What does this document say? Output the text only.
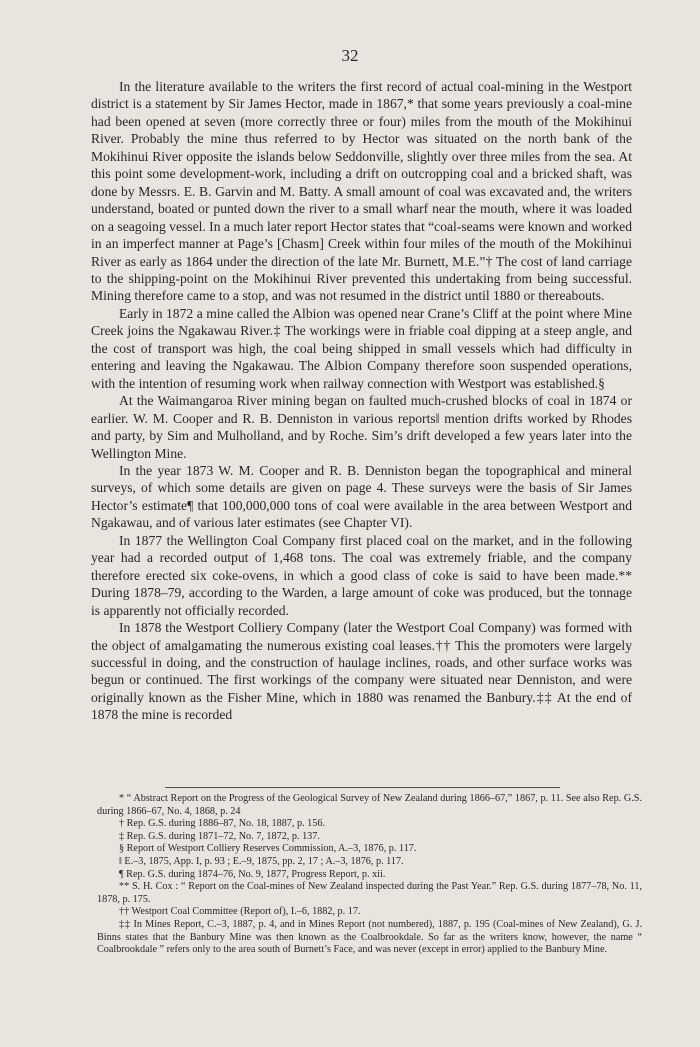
32

In the literature available to the writers the first record of actual coal-mining in the Westport district is a statement by Sir James Hector, made in 1867,* that some years previously a coal-mine had been opened at seven (more correctly three or four) miles from the mouth of the Mokihinui River. Probably the mine thus referred to by Hector was situated on the north bank of the Mokihinui River opposite the islands below Seddonville, slightly over three miles from the sea. At this point some development-work, including a drift on outcropping coal and a bricked shaft, was done by Messrs. E. B. Garvin and M. Batty. A small amount of coal was excavated and, the writers understand, boated or punted down the river to a small wharf near the mouth, where it was loaded on a seagoing vessel. In a much later report Hector states that “coal-seams were known and worked in an imperfect manner at Page’s [Chasm] Creek within four miles of the mouth of the Mokihinui River as early as 1864 under the direction of the late Mr. Burnett, M.E.”† The cost of land carriage to the shipping-point on the Mokihinui River prevented this undertaking from being successful. Mining therefore came to a stop, and was not resumed in the district until 1880 or thereabouts.

Early in 1872 a mine called the Albion was opened near Crane’s Cliff at the point where Mine Creek joins the Ngakawau River.‡ The workings were in friable coal dipping at a steep angle, and the cost of transport was high, the coal being shipped in small vessels which had difficulty in entering and leaving the Ngakawau. The Albion Company therefore soon suspended operations, with the intention of resuming work when railway connection with Westport was established.§

At the Waimangaroa River mining began on faulted much-crushed blocks of coal in 1874 or earlier. W. M. Cooper and R. B. Denniston in various reports‖ mention drifts worked by Rhodes and party, by Sim and Mulholland, and by Roche. Sim’s drift developed a few years later into the Wellington Mine.

In the year 1873 W. M. Cooper and R. B. Denniston began the topographical and mineral surveys, of which some details are given on page 4. These surveys were the basis of Sir James Hector’s estimate¶ that 100,000,000 tons of coal were available in the area between Westport and Ngakawau, and of various later estimates (see Chapter VI).

In 1877 the Wellington Coal Company first placed coal on the market, and in the following year had a recorded output of 1,468 tons. The coal was extremely friable, and the company therefore erected six coke-ovens, in which a good class of coke is said to have been made.** During 1878–79, according to the Warden, a large amount of coke was produced, but the tonnage is apparently not officially recorded.

In 1878 the Westport Colliery Company (later the Westport Coal Company) was formed with the object of amalgamating the numerous existing coal leases.†† This the promoters were largely successful in doing, and the construction of haulage inclines, roads, and other surface works was begun or continued. The first workings of the company were situated near Denniston, and were originally known as the Fisher Mine, which in 1880 was renamed the Banbury.‡‡ At the end of 1878 the mine is recorded

* “ Abstract Report on the Progress of the Geological Survey of New Zealand during 1866–67,” 1867, p. 11. See also Rep. G.S. during 1866–67, No. 4, 1868, p. 24

† Rep. G.S. during 1886–87, No. 18, 1887, p. 156.

‡ Rep. G.S. during 1871–72, No. 7, 1872, p. 137.

§ Report of Westport Colliery Reserves Commission, A.–3, 1876, p. 117.

‖ E.–3, 1875, App. I, p. 93 ; E.–9, 1875, pp. 2, 17 ; A.–3, 1876, p. 117.

¶ Rep. G.S. during 1874–76, No. 9, 1877, Progress Report, p. xii.

** S. H. Cox : “ Report on the Coal-mines of New Zealand inspected during the Past Year.” Rep. G.S. during 1877–78, No. 11, 1878, p. 175.

†† Westport Coal Committee (Report of), I.–6, 1882, p. 17.

‡‡ In Mines Report, C.–3, 1887, p. 4, and in Mines Report (not numbered), 1887, p. 195 (Coal-mines of New Zealand), G. J. Binns states that the Banbury Mine was then known as the Coalbrookdale. So far as the writers know, however, the name “ Coalbrookdale ” refers only to the area south of Burnett’s Face, and was never (except in error) applied to the Banbury Mine.
